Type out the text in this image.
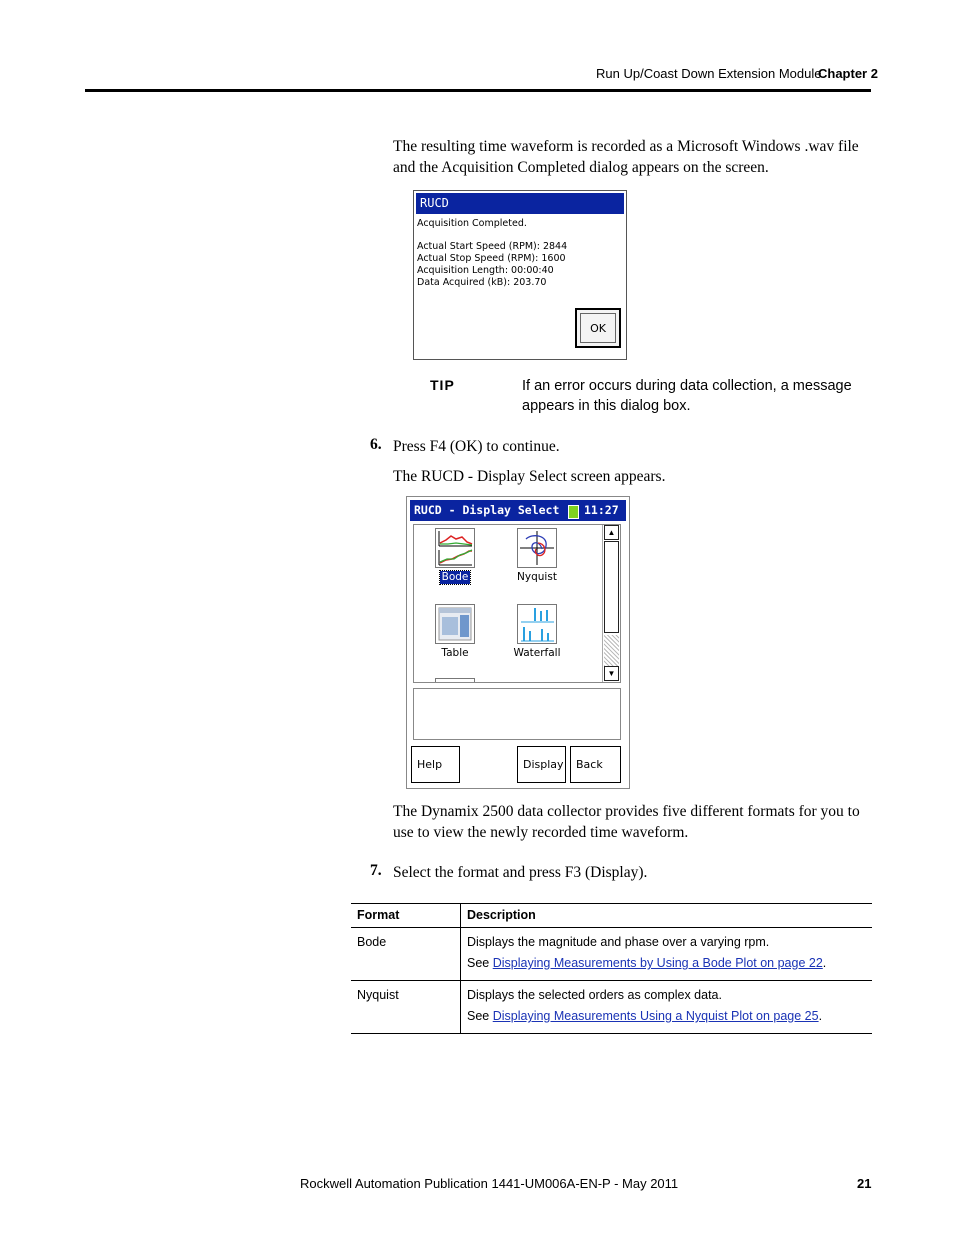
Run Up/Coast Down Extension Module
Chapter 2
The resulting time waveform is recorded as a Microsoft Windows .wav file and the Acquisition Completed dialog appears on the screen.
RUCD
Acquisition Completed.
Actual Start Speed (RPM): 2844
Actual Stop Speed (RPM): 1600
Acquisition Length: 00:00:40
Data Acquired (kB): 203.70
OK
TIP	If an error occurs during data collection, a message appears in this dialog box.
6. Press F4 (OK) to continue.
The RUCD - Display Select screen appears.
RUCD - Display Select 11:27
Bode	Nyquist
Table	Waterfall
▲
▼
Help	Display	Back
The Dynamix 2500 data collector provides five different formats for you to use to view the newly recorded time waveform.
7. Select the format and press F3 (Display).
Format	Description
Bode	Displays the magnitude and phase over a varying rpm.
See Displaying Measurements by Using a Bode Plot on page 22.

Nyquist	Displays the selected orders as complex data.
See Displaying Measurements Using a Nyquist Plot on page 25.
Rockwell Automation Publication 1441-UM006A-EN-P - May 2011	21
